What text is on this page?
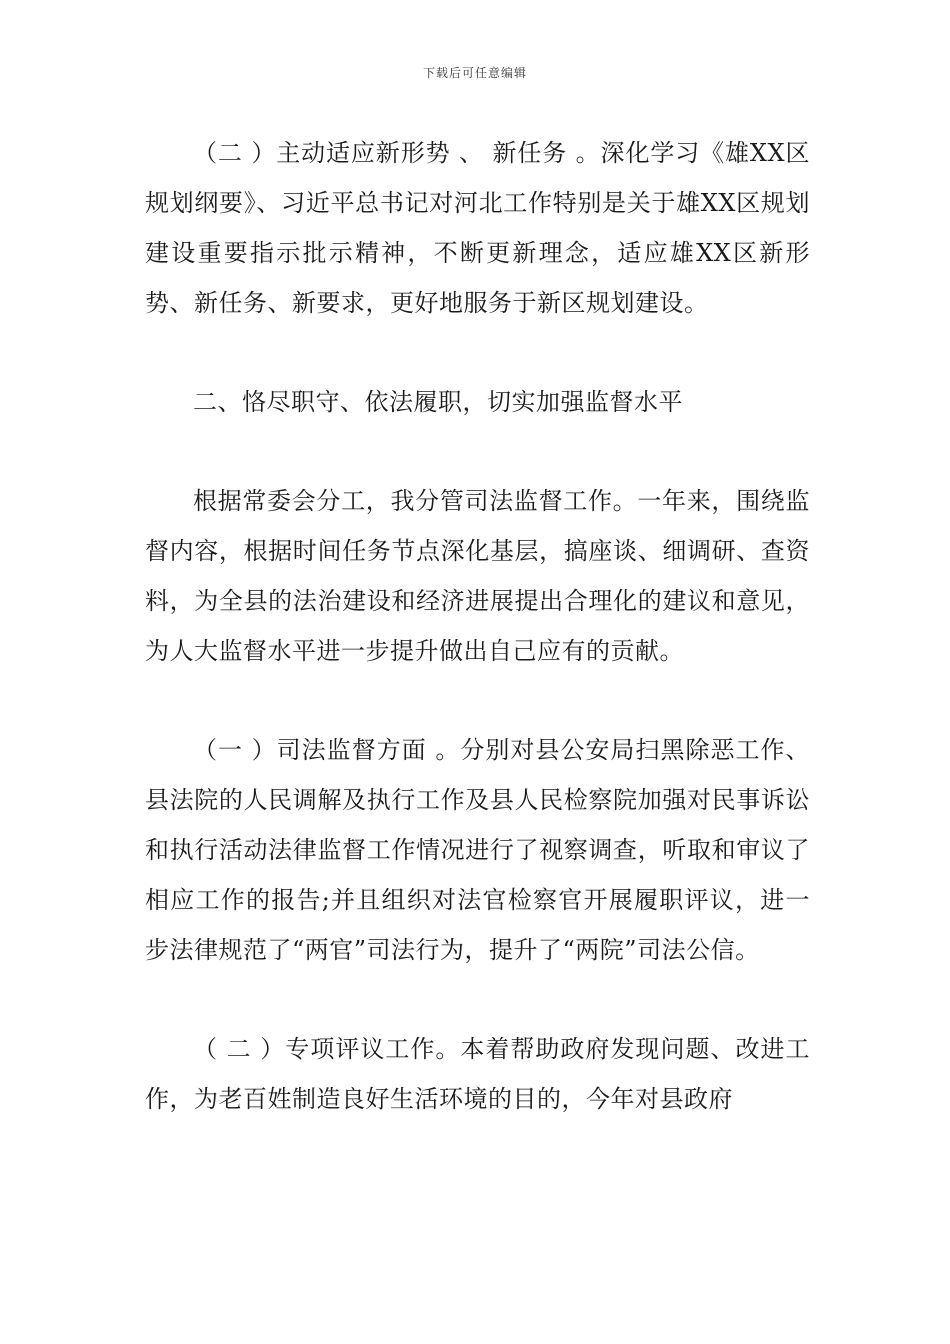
下载后可任意编辑

（二 ）主动适应新形势 、 新任务 。深化学习《雄XX区规划纲要》、习近平总书记对河北工作特别是关于雄XX区规划建设重要指示批示精神，不断更新理念，适应雄XX区新形势、新任务、新要求，更好地服务于新区规划建设。

二、恪尽职守、依法履职，切实加强监督水平

根据常委会分工，我分管司法监督工作。一年来，围绕监督内容，根据时间任务节点深化基层，搞座谈、细调研、查资料，为全县的法治建设和经济进展提出合理化的建议和意见，为人大监督水平进一步提升做出自己应有的贡献。

（一 ）司法监督方面 。分别对县公安局扫黑除恶工作、县法院的人民调解及执行工作及县人民检察院加强对民事诉讼和执行活动法律监督工作情况进行了视察调查，听取和审议了相应工作的报告;并且组织对法官检察官开展履职评议，进一步法律规范了“两官”司法行为，提升了“两院”司法公信。

（ 二 ）专项评议工作。本着帮助政府发现问题、改进工作，为老百姓制造良好生活环境的目的，今年对县政府
